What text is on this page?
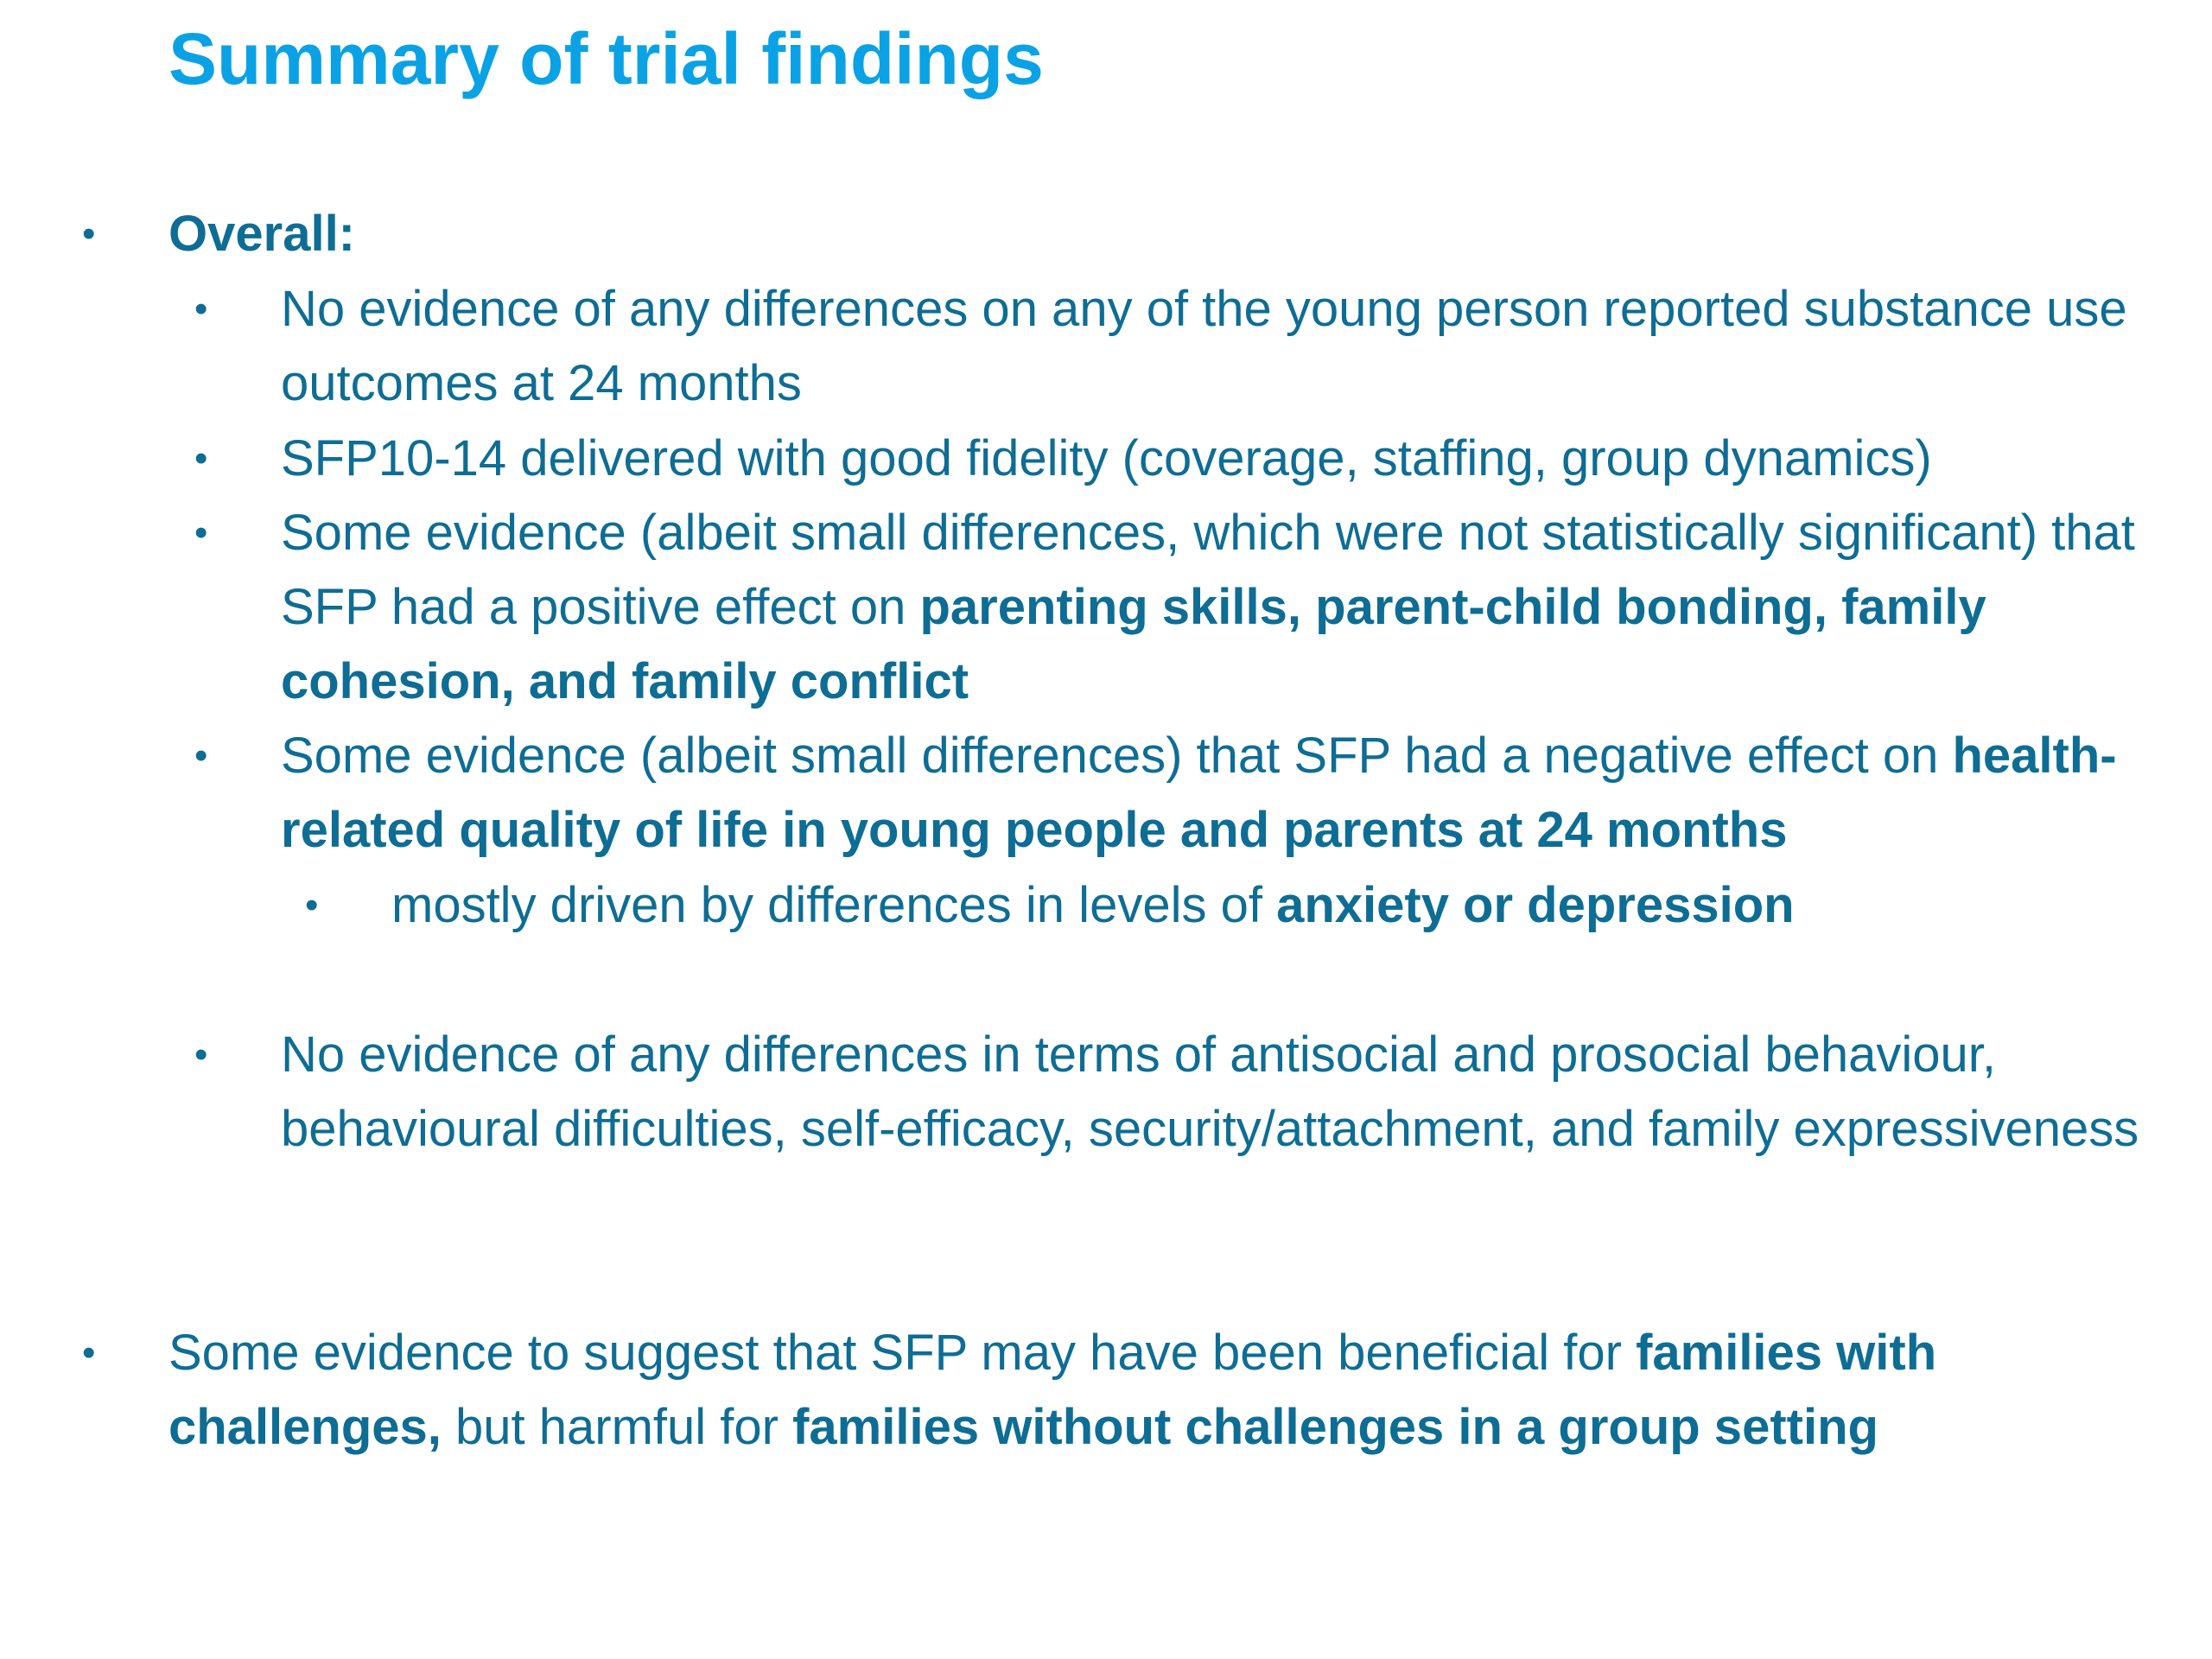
Summary of trial findings
• Overall:
• No evidence of any differences on any of the young person reported substance use outcomes at 24 months
• SFP10-14 delivered with good fidelity (coverage, staffing, group dynamics)
• Some evidence (albeit small differences, which were not statistically significant) that SFP had a positive effect on parenting skills, parent-child bonding, family cohesion, and family conflict
• Some evidence (albeit small differences) that SFP had a negative effect on health-related quality of life in young people and parents at 24 months
• mostly driven by differences in levels of anxiety or depression
• No evidence of any differences in terms of antisocial and prosocial behaviour, behavioural difficulties, self-efficacy, security/attachment, and family expressiveness
• Some evidence to suggest that SFP may have been beneficial for families with challenges, but harmful for families without challenges in a group setting
